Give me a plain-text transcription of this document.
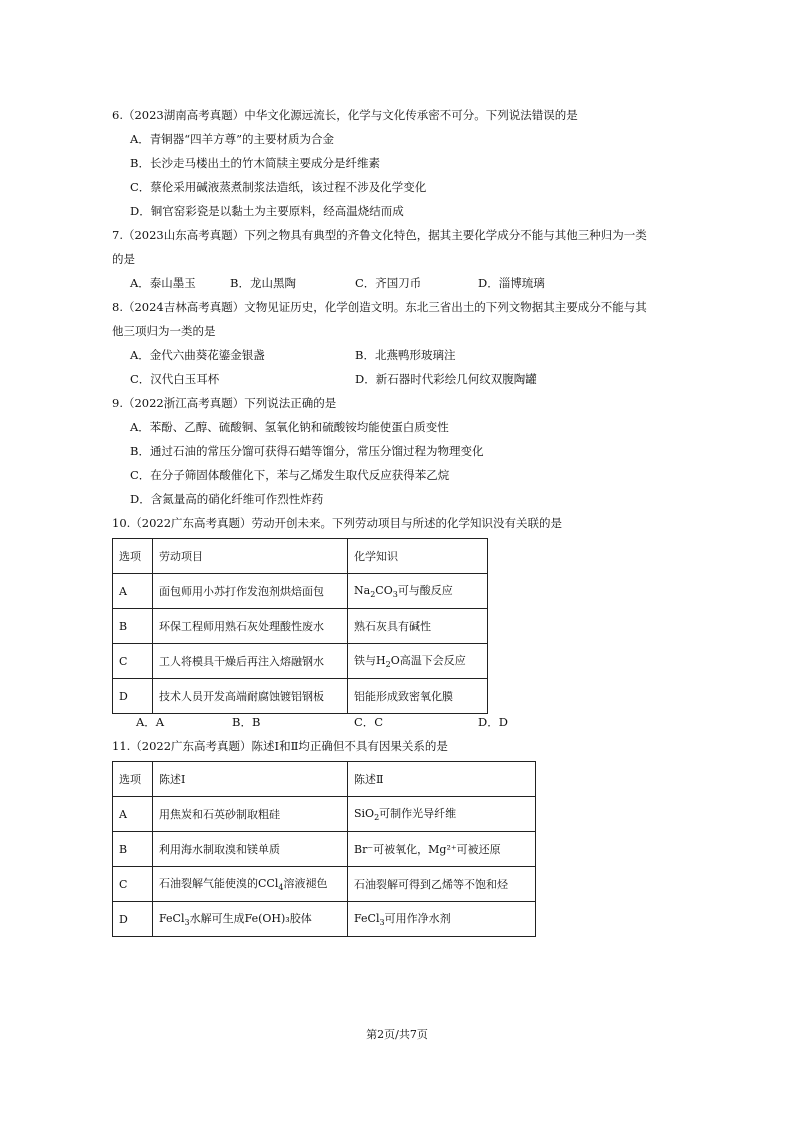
6.（2023湖南高考真题）中华文化源远流长，化学与文化传承密不可分。下列说法错误的是
A．青铜器“四羊方尊”的主要材质为合金
B．长沙走马楼出土的竹木简牍主要成分是纤维素
C．蔡伦采用碱液蒸煮制浆法造纸，该过程不涉及化学变化
D．铜官窑彩瓷是以黏土为主要原料，经高温烧结而成
7.（2023山东高考真题）下列之物具有典型的齐鲁文化特色，据其主要化学成分不能与其他三种归为一类
的是
A．泰山墨玉	B．龙山黑陶	C．齐国刀币	D．淄博琉璃
8.（2024吉林高考真题）文物见证历史，化学创造文明。东北三省出土的下列文物据其主要成分不能与其
他三项归为一类的是
A．金代六曲葵花鎏金银盏	B．北燕鸭形玻璃注
C．汉代白玉耳杯	D．新石器时代彩绘几何纹双腹陶罐
9.（2022浙江高考真题）下列说法正确的是
A．苯酚、乙醇、硫酸铜、氢氧化钠和硫酸铵均能使蛋白质变性
B．通过石油的常压分馏可获得石蜡等馏分，常压分馏过程为物理变化
C．在分子筛固体酸催化下，苯与乙烯发生取代反应获得苯乙烷
D．含氮量高的硝化纤维可作烈性炸药
10.（2022广东高考真题）劳动开创未来。下列劳动项目与所述的化学知识没有关联的是
选项	劳动项目	化学知识
A	面包师用小苏打作发泡剂烘焙面包	$Na_2CO_3$可与酸反应
B	环保工程师用熟石灰处理酸性废水	熟石灰具有碱性
C	工人将模具干燥后再注入熔融钢水	铁与$H_2O$高温下会反应
D	技术人员开发高端耐腐蚀镀铝钢板	铝能形成致密氧化膜
A．A	B．B	C．C	D．D
11.（2022广东高考真题）陈述Ⅰ和Ⅱ均正确但不具有因果关系的是
选项	陈述Ⅰ	陈述Ⅱ
A	用焦炭和石英砂制取粗硅	SiO$_2$可制作光导纤维
B	利用海水制取溴和镁单质	Br⁻可被氧化，Mg²⁺可被还原
C	石油裂解气能使溴的CCl$_4$溶液褪色	石油裂解可得到乙烯等不饱和烃
D	FeCl$_3$水解可生成Fe(OH)₃胶体	FeCl$_3$可用作净水剂
第2页/共7页
